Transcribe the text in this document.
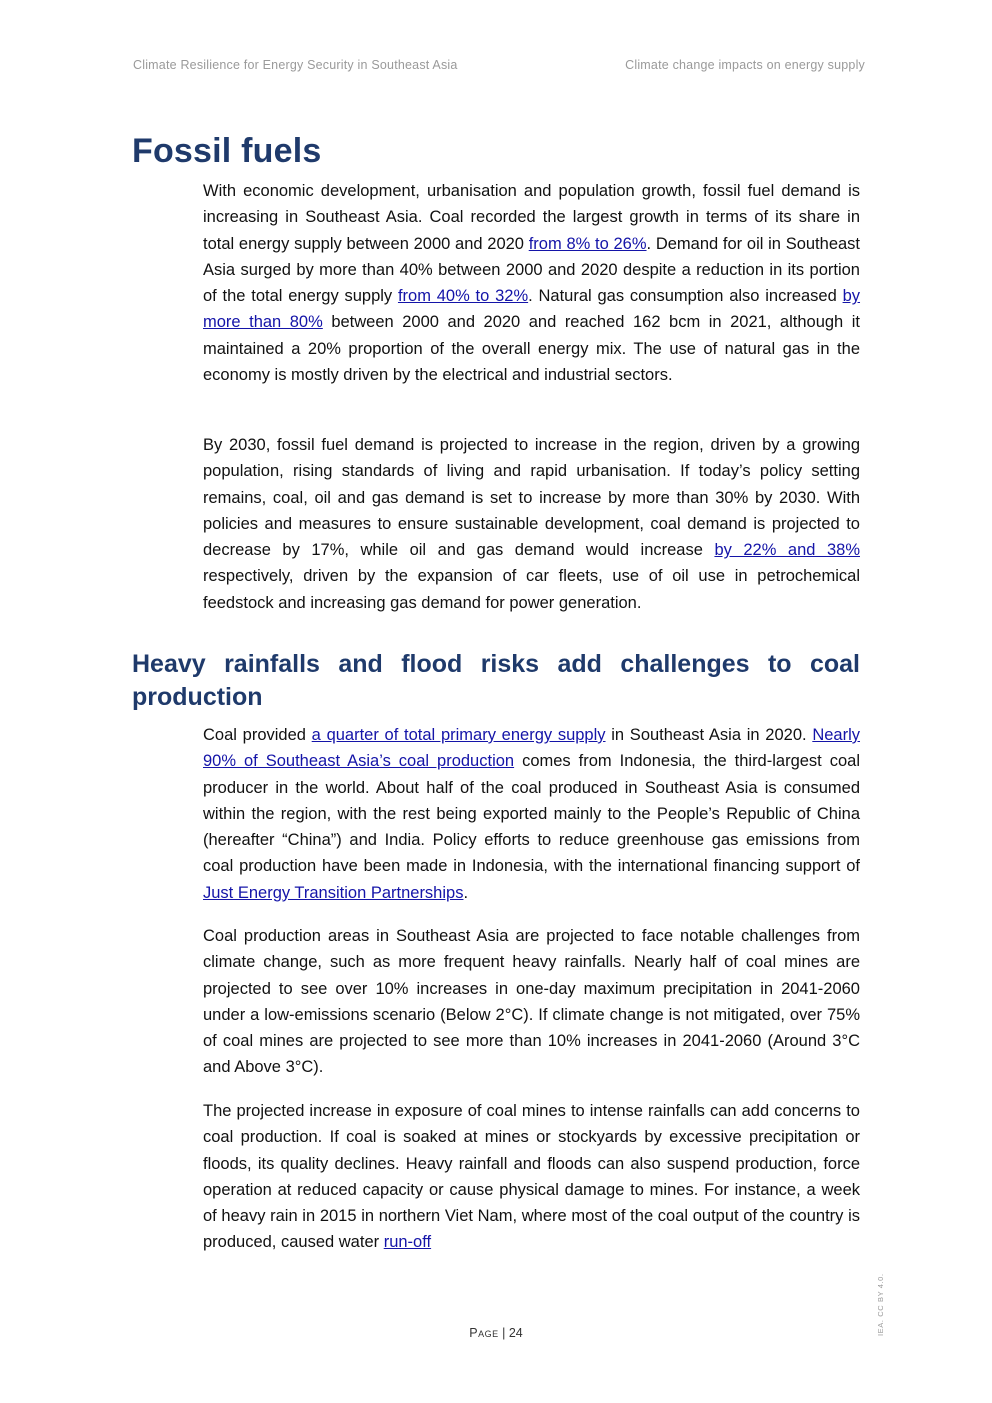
Climate Resilience for Energy Security in Southeast Asia	Climate change impacts on energy supply
Fossil fuels

With economic development, urbanisation and population growth, fossil fuel demand is increasing in Southeast Asia. Coal recorded the largest growth in terms of its share in total energy supply between 2000 and 2020 from 8% to 26%. Demand for oil in Southeast Asia surged by more than 40% between 2000 and 2020 despite a reduction in its portion of the total energy supply from 40% to 32%. Natural gas consumption also increased by more than 80% between 2000 and 2020 and reached 162 bcm in 2021, although it maintained a 20% proportion of the overall energy mix. The use of natural gas in the economy is mostly driven by the electrical and industrial sectors.

By 2030, fossil fuel demand is projected to increase in the region, driven by a growing population, rising standards of living and rapid urbanisation. If today’s policy setting remains, coal, oil and gas demand is set to increase by more than 30% by 2030. With policies and measures to ensure sustainable development, coal demand is projected to decrease by 17%, while oil and gas demand would increase by 22% and 38% respectively, driven by the expansion of car fleets, use of oil use in petrochemical feedstock and increasing gas demand for power generation.

Heavy rainfalls and flood risks add challenges to coal production

Coal provided a quarter of total primary energy supply in Southeast Asia in 2020. Nearly 90% of Southeast Asia’s coal production comes from Indonesia, the third-largest coal producer in the world. About half of the coal produced in Southeast Asia is consumed within the region, with the rest being exported mainly to the People’s Republic of China (hereafter “China”) and India. Policy efforts to reduce greenhouse gas emissions from coal production have been made in Indonesia, with the international financing support of Just Energy Transition Partnerships.

Coal production areas in Southeast Asia are projected to face notable challenges from climate change, such as more frequent heavy rainfalls. Nearly half of coal mines are projected to see over 10% increases in one-day maximum precipitation in 2041-2060 under a low-emissions scenario (Below 2°C). If climate change is not mitigated, over 75% of coal mines are projected to see more than 10% increases in 2041-2060 (Around 3°C and Above 3°C).

The projected increase in exposure of coal mines to intense rainfalls can add concerns to coal production. If coal is soaked at mines or stockyards by excessive precipitation or floods, its quality declines. Heavy rainfall and floods can also suspend production, force operation at reduced capacity or cause physical damage to mines. For instance, a week of heavy rain in 2015 in northern Viet Nam, where most of the coal output of the country is produced, caused water run-off

Page | 24	IEA. CC BY 4.0.
